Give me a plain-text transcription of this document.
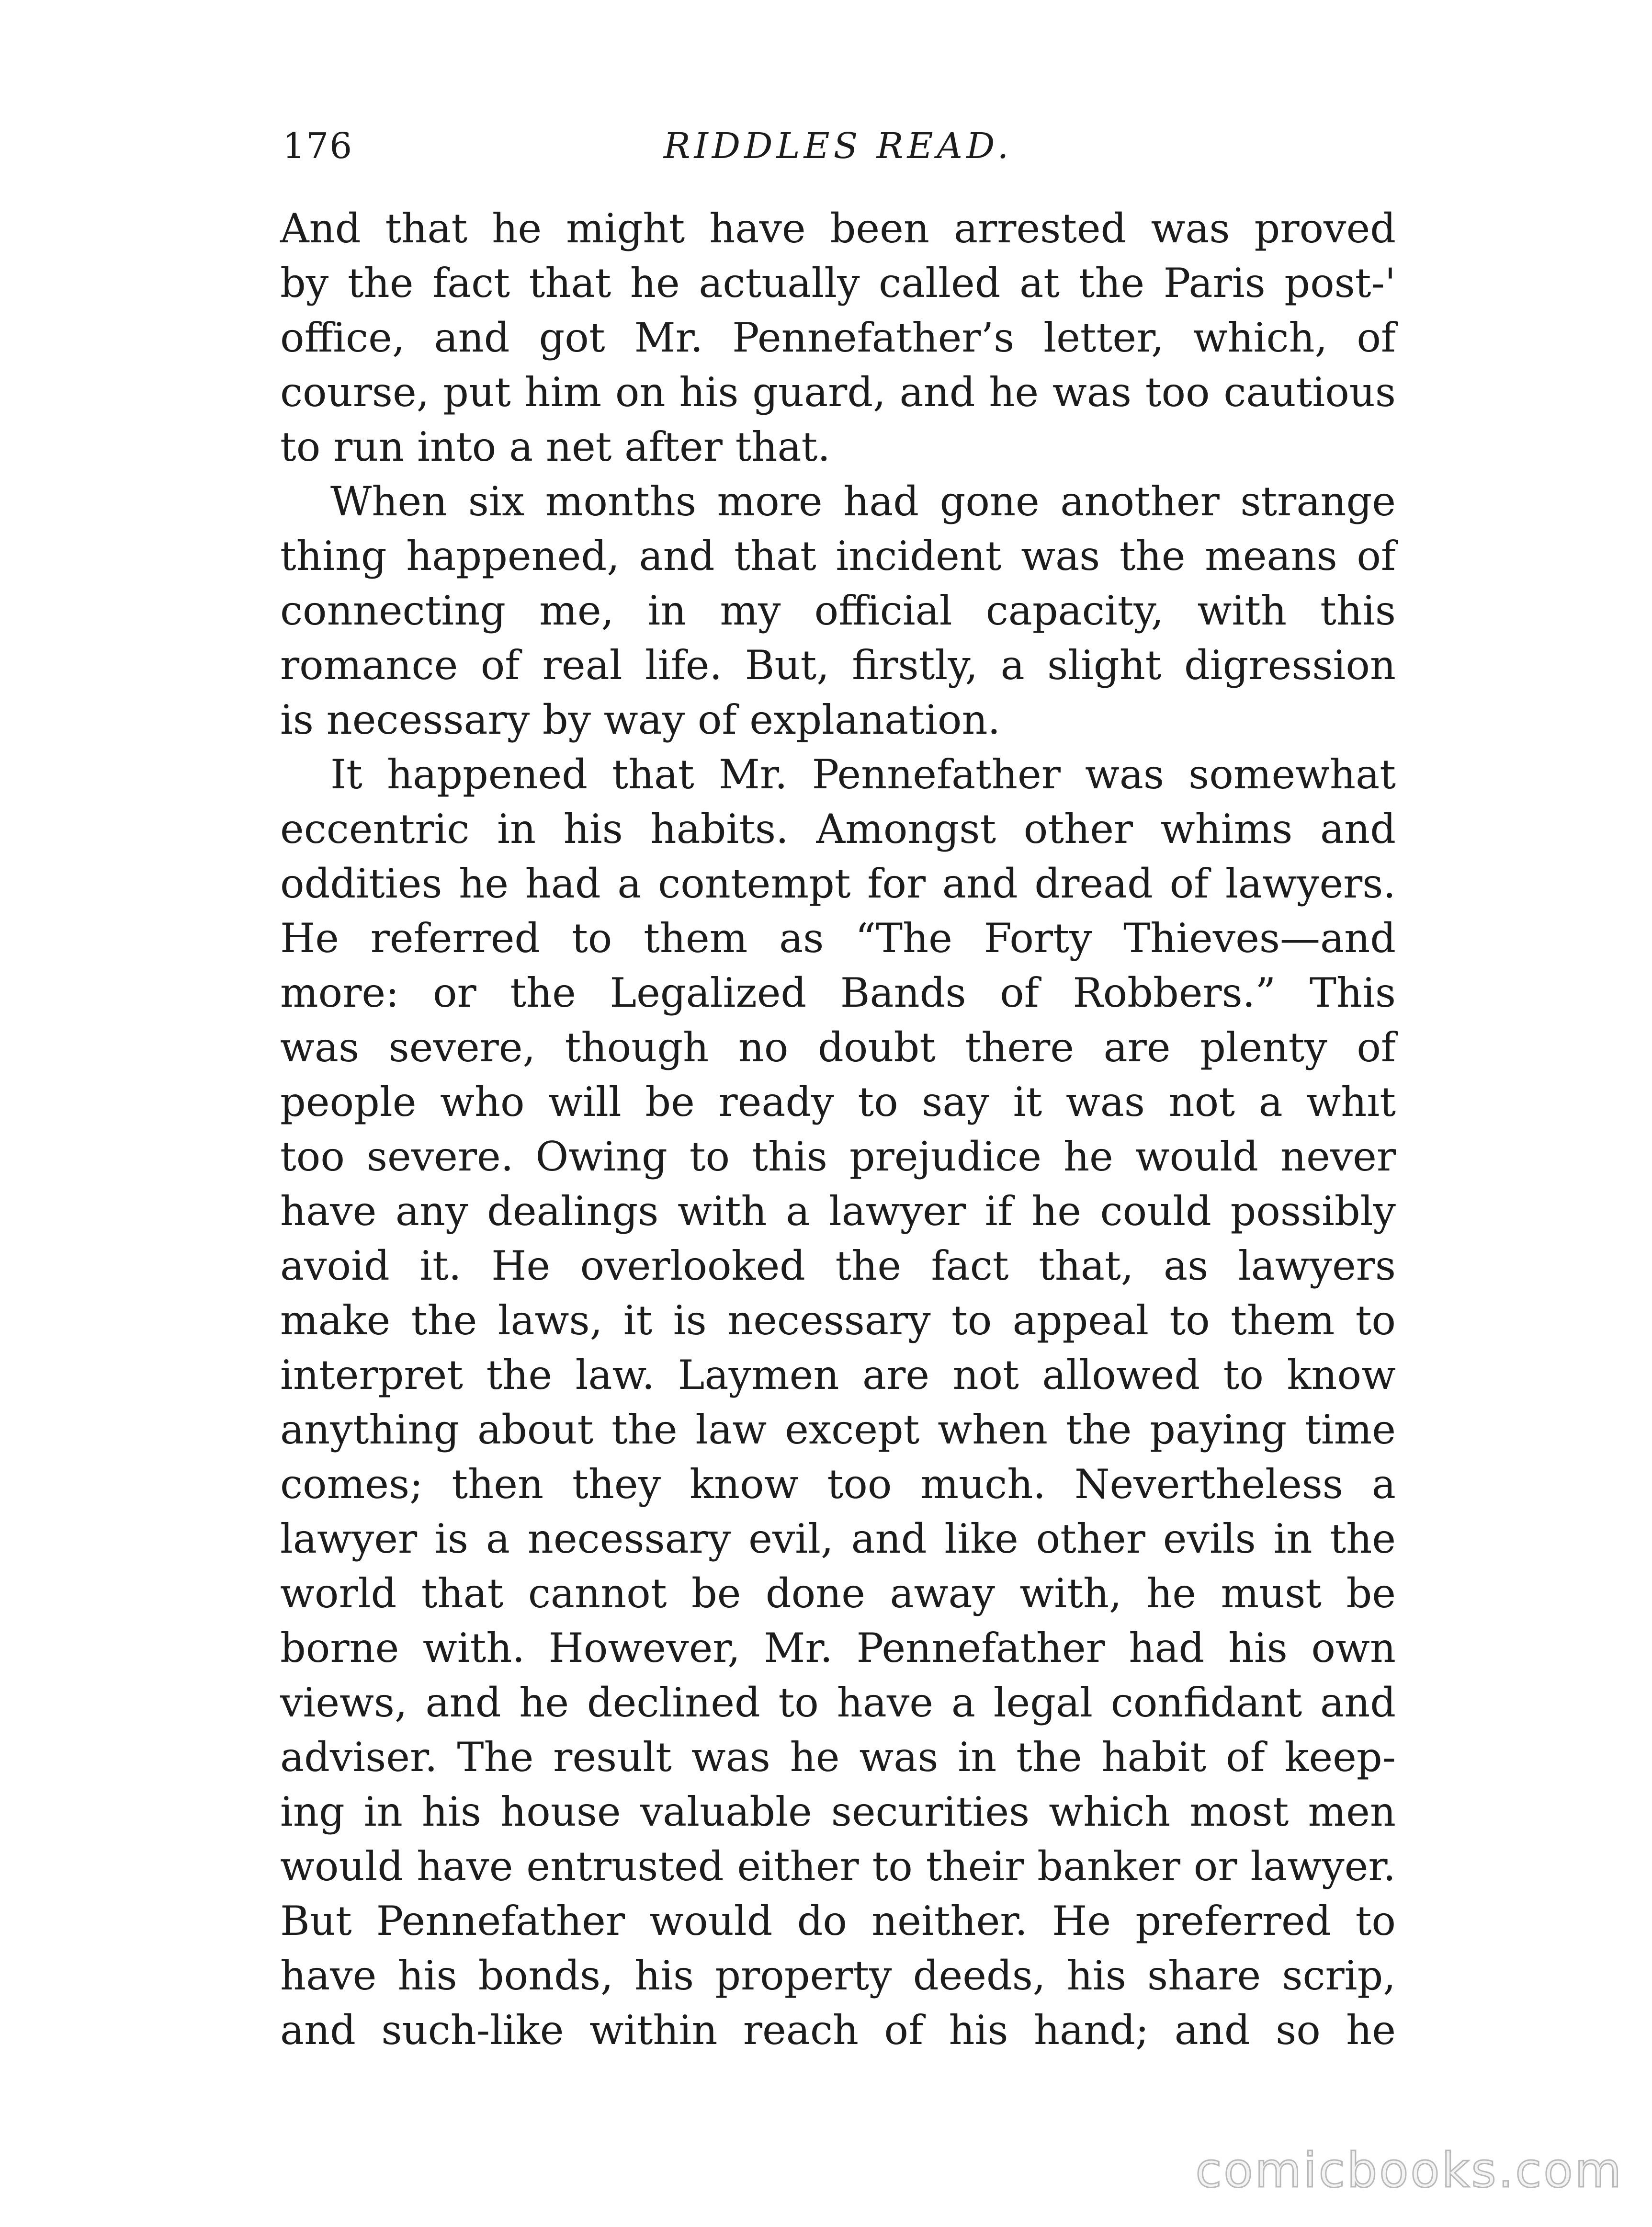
176	RIDDLES READ.
And that he might have been arrested was proved
by the fact that he actually called at the Paris post-'
office, and got Mr. Pennefather’s letter, which, of
course, put him on his guard, and he was too cautious
to run into a net after that.
When six months more had gone another strange
thing happened, and that incident was the means of
connecting me, in my official capacity, with this
romance of real life. But, firstly, a slight digression
is necessary by way of explanation.
It happened that Mr. Pennefather was somewhat
eccentric in his habits. Amongst other whims and
oddities he had a contempt for and dread of lawyers.
He referred to them as “The Forty Thieves—and
more: or the Legalized Bands of Robbers.” This
was severe, though no doubt there are plenty of
people who will be ready to say it was not a whıt
too severe. Owing to this prejudice he would never
have any dealings with a lawyer if he could possibly
avoid it. He overlooked the fact that, as lawyers
make the laws, it is necessary to appeal to them to
interpret the law. Laymen are not allowed to know
anything about the law except when the paying time
comes; then they know too much. Nevertheless a
lawyer is a necessary evil, and like other evils in the
world that cannot be done away with, he must be
borne with. However, Mr. Pennefather had his own
views, and he declined to have a legal confidant and
adviser. The result was he was in the habit of keep-
ing in his house valuable securities which most men
would have entrusted either to their banker or lawyer.
But Pennefather would do neither. He preferred to
have his bonds, his property deeds, his share scrip,
and such-like within reach of his hand; and so he
comicbooks.com
